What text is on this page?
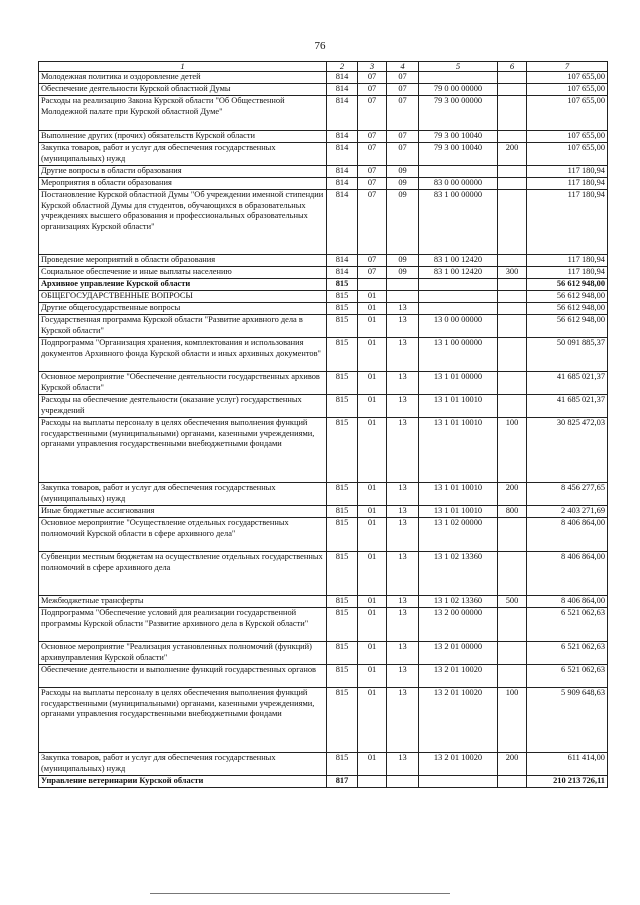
76
1	2	3	4	5	6	7
Молодежная политика и оздоровление детей	814	07	07			107 655,00
Обеспечение деятельности Курской областной Думы	814	07	07	79 0 00 00000		107 655,00
Расходы на реализацию Закона Курской области "Об Общественной Молодежной палате при Курской областной Думе"	814	07	07	79 3 00 00000		107 655,00
Выполнение других (прочих) обязательств Курской области	814	07	07	79 3 00 10040		107 655,00
Закупка товаров, работ и услуг для обеспечения государственных (муниципальных) нужд	814	07	07	79 3 00 10040	200	107 655,00
Другие вопросы в области образования	814	07	09			117 180,94
Мероприятия в области образования	814	07	09	83 0 00 00000		117 180,94
Постановление Курской областной Думы "Об учреждении именной стипендии Курской областной Думы для студентов, обучающихся в образовательных учреждениях высшего образования и профессиональных образовательных организациях Курской области"	814	07	09	83 1 00 00000		117 180,94
Проведение мероприятий в области образования	814	07	09	83 1 00 12420		117 180,94
Социальное обеспечение и иные выплаты населению	814	07	09	83 1 00 12420	300	117 180,94
Архивное управление Курской области	815					56 612 948,00
ОБЩЕГОСУДАРСТВЕННЫЕ ВОПРОСЫ	815	01				56 612 948,00
Другие общегосударственные вопросы	815	01	13			56 612 948,00
Государственная программа Курской области "Развитие архивного дела в Курской области"	815	01	13	13 0 00 00000		56 612 948,00
Подпрограмма "Организация хранения, комплектования и использования документов Архивного фонда Курской области и иных архивных документов"	815	01	13	13 1 00 00000		50 091 885,37
Основное мероприятие "Обеспечение деятельности государственных архивов Курской области"	815	01	13	13 1 01 00000		41 685 021,37
Расходы на обеспечение деятельности (оказание услуг) государственных учреждений	815	01	13	13 1 01 10010		41 685 021,37
Расходы на выплаты персоналу в целях обеспечения выполнения функций государственными (муниципальными) органами, казенными учреждениями, органами управления государственными внебюджетными фондами	815	01	13	13 1 01 10010	100	30 825 472,03
Закупка товаров, работ и услуг для обеспечения государственных (муниципальных) нужд	815	01	13	13 1 01 10010	200	8 456 277,65
Иные бюджетные ассигнования	815	01	13	13 1 01 10010	800	2 403 271,69
Основное мероприятие "Осуществление отдельных государственных полномочий Курской области в сфере архивного дела"	815	01	13	13 1 02 00000		8 406 864,00
Субвенции местным бюджетам на осуществление отдельных государственных полномочий в сфере архивного дела	815	01	13	13 1 02 13360		8 406 864,00
Межбюджетные трансферты	815	01	13	13 1 02 13360	500	8 406 864,00
Подпрограмма "Обеспечение условий для реализации государственной программы Курской области "Развитие архивного дела в Курской области"	815	01	13	13 2 00 00000		6 521 062,63
Основное мероприятие "Реализация установленных полномочий (функций) архивуправления Курской области"	815	01	13	13 2 01 00000		6 521 062,63
Обеспечение деятельности и выполнение функций государственных органов	815	01	13	13 2 01 10020		6 521 062,63
Расходы на выплаты персоналу в целях обеспечения выполнения функций государственными (муниципальными) органами, казенными учреждениями, органами управления государственными внебюджетными фондами	815	01	13	13 2 01 10020	100	5 909 648,63
Закупка товаров, работ и услуг для обеспечения государственных (муниципальных) нужд	815	01	13	13 2 01 10020	200	611 414,00
Управление ветеринарии Курской области	817					210 213 726,11
